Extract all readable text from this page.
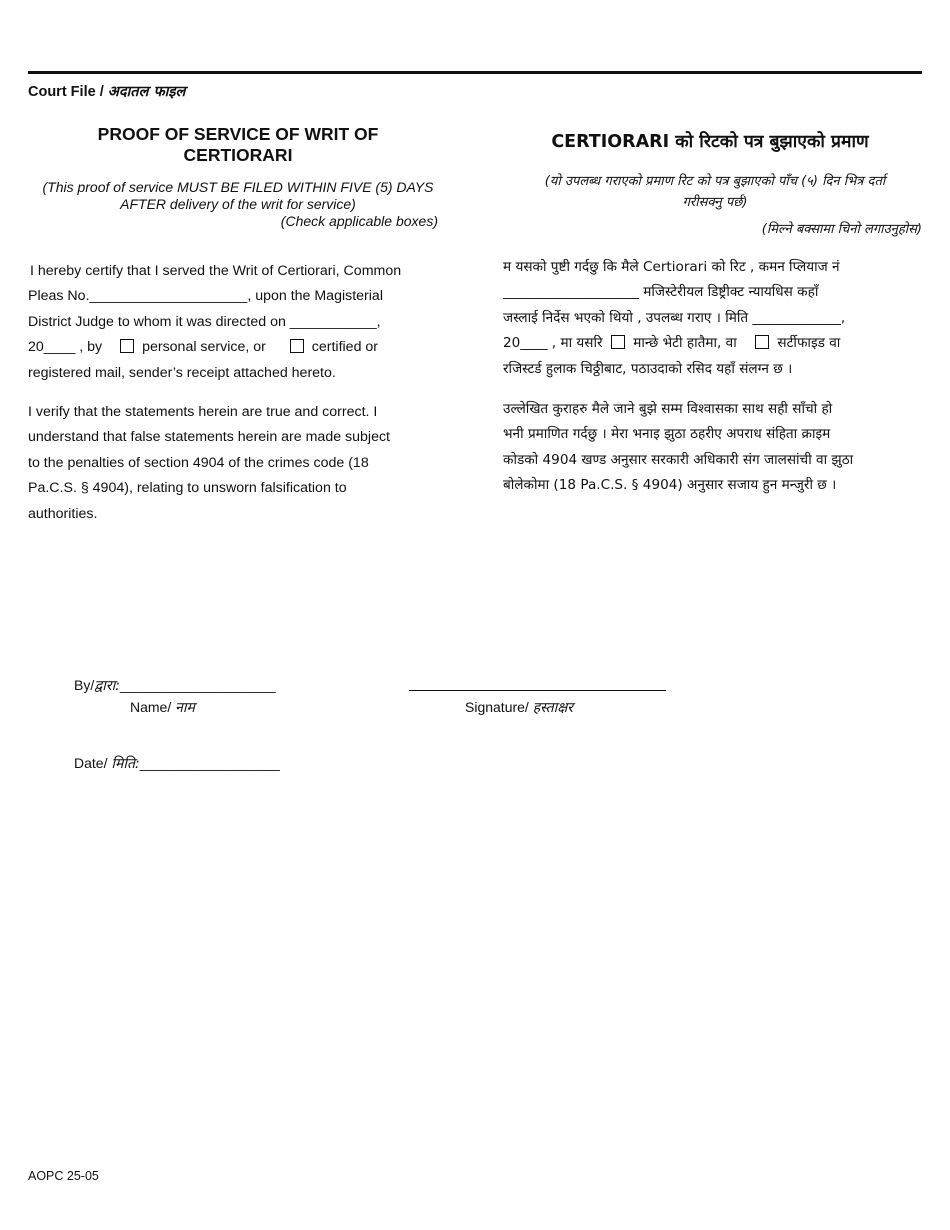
Court File / अदातल फाइल
PROOF OF SERVICE OF WRIT OF
CERTIORARI
(This proof of service MUST BE FILED WITHIN FIVE (5) DAYS
AFTER delivery of the writ for service)
(Check applicable boxes)
I hereby certify that I served the Writ of Certiorari, Common
Pleas No.____________________, upon the Magisterial
District Judge to whom it was directed on ___________,
20____ , by	personal service, or	certified or
registered mail, sender’s receipt attached hereto.
I verify that the statements herein are true and correct. I
understand that false statements herein are made subject
to the penalties of section 4904 of the crimes code (18
Pa.C.S. § 4904), relating to unsworn falsification to
authorities.
CERTIORARI को रिटको पत्र बुझाएको प्रमाण
(यो उपलब्ध गराएको प्रमाण रिट को पत्र बुझाएको पाँच (५) दिन भित्र दर्ता
गरीसक्नु पर्छ)
(मिल्ने बक्सामा चिनो लगाउनुहोस)
म यसको पुष्टी गर्दछु कि मैले Certiorari को रिट , कमन प्लियाज नं
____________________ मजिस्टेरीयल डिष्ट्रीक्ट न्यायधिस कहाँ
जस्लाई निर्देस भएको थियो , उपलब्ध गराए । मिति _____________,
20____ , मा यसरि मान्छे भेटी हातैमा, वा	सर्टीफाइड वा
रजिस्टर्ड हुलाक चिठ्ठीबाट, पठाउदाको रसिद यहाँ संलग्न छ ।
उल्लेखित कुराहरु मैले जाने बुझे सम्म विश्वासका साथ सही साँचो हो
भनी प्रमाणित गर्दछु । मेरा भनाइ झुठा ठहरीए अपराध संहिता क्राइम
कोडको 4904 खण्ड अनुसार सरकारी अधिकारी संग जालसांची वा झुठा
बोलेकोमा (18 Pa.C.S. § 4904) अनुसार सजाय हुन मन्जुरी छ ।
By/द्वारा:____________________
Name/ नाम	Signature/ हस्ताक्षर
Date/ मिति:__________________
AOPC 25-05
